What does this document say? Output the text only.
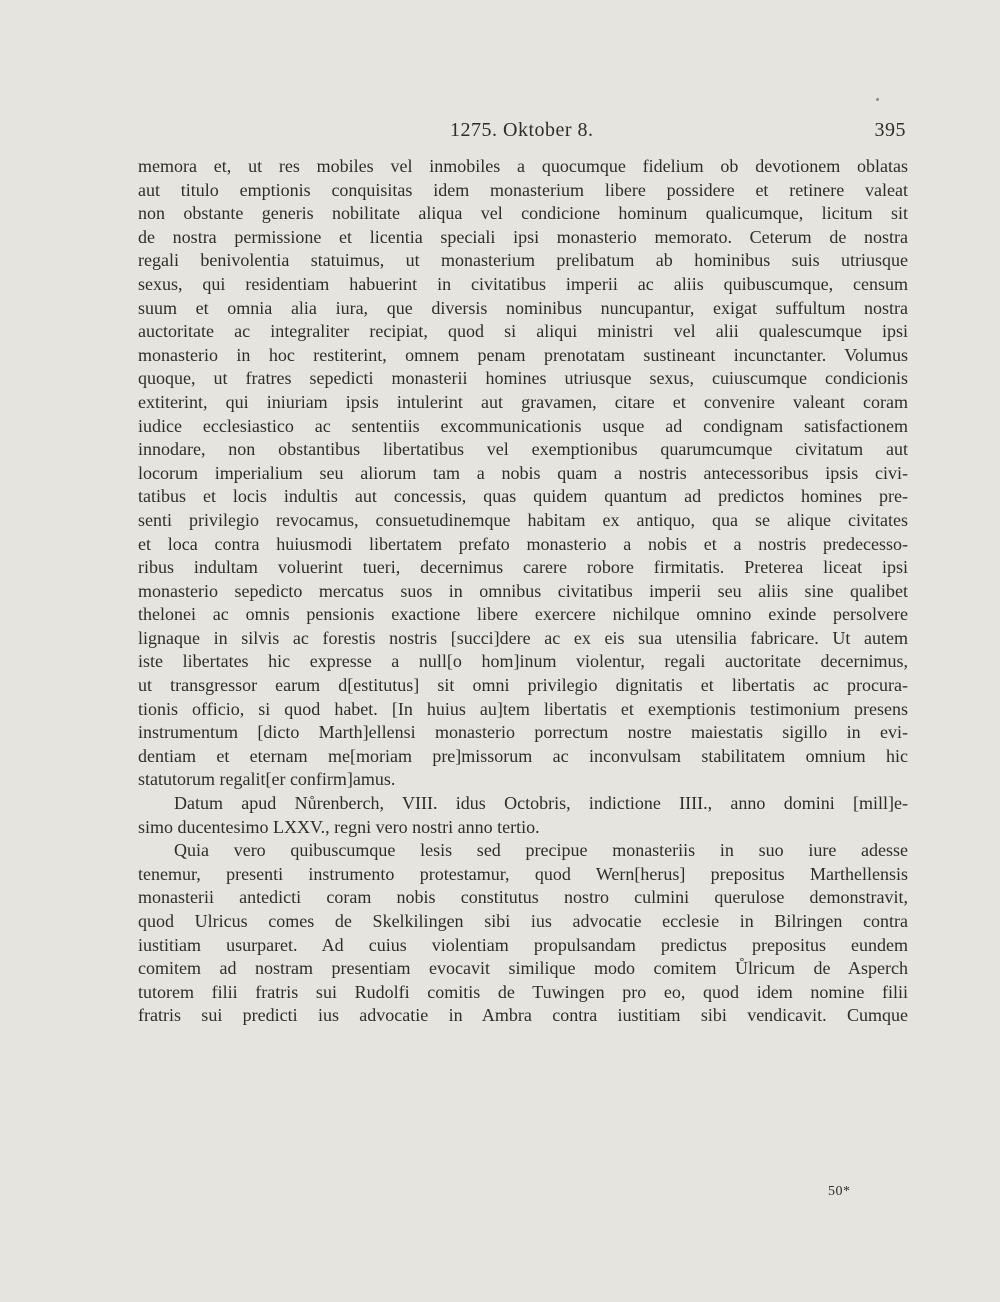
1275. Oktober 8.	395
memora et, ut res mobiles vel inmobiles a quocumque fidelium ob devotionem oblatas
aut titulo emptionis conquisitas idem monasterium libere possidere et retinere valeat
non obstante generis nobilitate aliqua vel condicione hominum qualicumque, licitum sit
de nostra permissione et licentia speciali ipsi monasterio memorato. Ceterum de nostra
regali benivolentia statuimus, ut monasterium prelibatum ab hominibus suis utriusque
sexus, qui residentiam habuerint in civitatibus imperii ac aliis quibuscumque, censum
suum et omnia alia iura, que diversis nominibus nuncupantur, exigat suffultum nostra
auctoritate ac integraliter recipiat, quod si aliqui ministri vel alii qualescumque ipsi
monasterio in hoc restiterint, omnem penam prenotatam sustineant incunctanter. Volumus
quoque, ut fratres sepedicti monasterii homines utriusque sexus, cuiuscumque condicionis
extiterint, qui iniuriam ipsis intulerint aut gravamen, citare et convenire valeant coram
iudice ecclesiastico ac sententiis excommunicationis usque ad condignam satisfactionem
innodare, non obstantibus libertatibus vel exemptionibus quarumcumque civitatum aut
locorum imperialium seu aliorum tam a nobis quam a nostris antecessoribus ipsis civi-
tatibus et locis indultis aut concessis, quas quidem quantum ad predictos homines pre-
senti privilegio revocamus, consuetudinemque habitam ex antiquo, qua se alique civitates
et loca contra huiusmodi libertatem prefato monasterio a nobis et a nostris predecesso-
ribus indultam voluerint tueri, decernimus carere robore firmitatis. Preterea liceat ipsi
monasterio sepedicto mercatus suos in omnibus civitatibus imperii seu aliis sine qualibet
thelonei ac omnis pensionis exactione libere exercere nichilque omnino exinde persolvere
lignaque in silvis ac forestis nostris [succi]dere ac ex eis sua utensilia fabricare. Ut autem
iste libertates hic expresse a null[o hom]inum violentur, regali auctoritate decernimus,
ut transgressor earum d[estitutus] sit omni privilegio dignitatis et libertatis ac procura-
tionis officio, si quod habet. [In huius au]tem libertatis et exemptionis testimonium presens
instrumentum [dicto Marth]ellensi monasterio porrectum nostre maiestatis sigillo in evi-
dentiam et eternam me[moriam pre]missorum ac inconvulsam stabilitatem omnium hic
statutorum regalit[er confirm]amus.
Datum apud Nůrenberch, VIII. idus Octobris, indictione IIII., anno domini [mill]e-
simo ducentesimo LXXV., regni vero nostri anno tertio.
Quia vero quibuscumque lesis sed precipue monasteriis in suo iure adesse
tenemur, presenti instrumento protestamur, quod Wern[herus] prepositus Marthellensis
monasterii antedicti coram nobis constitutus nostro culmini querulose demonstravit,
quod Ulricus comes de Skelkilingen sibi ius advocatie ecclesie in Bilringen contra
iustitiam usurparet. Ad cuius violentiam propulsandam predictus prepositus eundem
comitem ad nostram presentiam evocavit similique modo comitem Ůlricum de Asperch
tutorem filii fratris sui Rudolfi comitis de Tuwingen pro eo, quod idem nomine filii
fratris sui predicti ius advocatie in Ambra contra iustitiam sibi vendicavit. Cumque
50*
